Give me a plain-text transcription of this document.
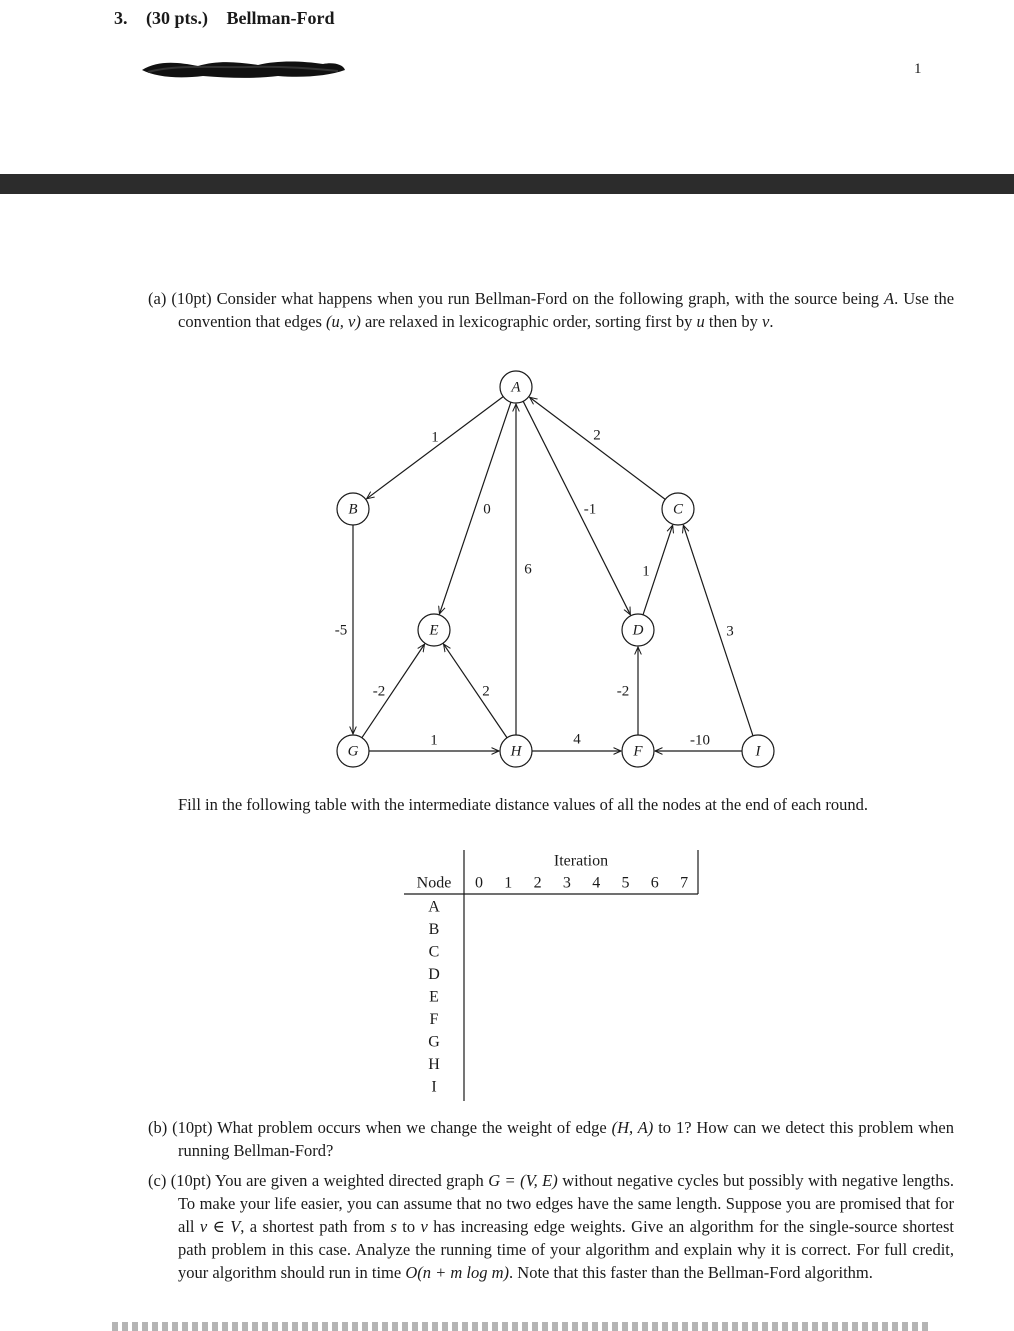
3. (30 pts.) Bellman-Ford
1
(a) (10pt) Consider what happens when you run Bellman-Ford on the following graph, with the source being A. Use the convention that edges (u, v) are relaxed in lexicographic order, sorting first by u then by v.
1
0
6
-1
2
1
3
-5
-2	2
1	4
-2
-10
A
B	C
D
E
F
G	H	I
Fill in the following table with the intermediate distance values of all the nodes at the end of each round.
Iteration
Node 0 1 2 3 4 5 6 7
A
B
C
D
E
F
G
H
I
(b) (10pt) What problem occurs when we change the weight of edge (H, A) to 1? How can we detect this problem when running Bellman-Ford?
(c) (10pt) You are given a weighted directed graph G = (V, E) without negative cycles but possibly with negative lengths. To make your life easier, you can assume that no two edges have the same length. Suppose you are promised that for all v ∈ V, a shortest path from s to v has increasing edge weights. Give an algorithm for the single-source shortest path problem in this case. Analyze the running time of your algorithm and explain why it is correct. For full credit, your algorithm should run in time O(n + m log m). Note that this faster than the Bellman-Ford algorithm.
